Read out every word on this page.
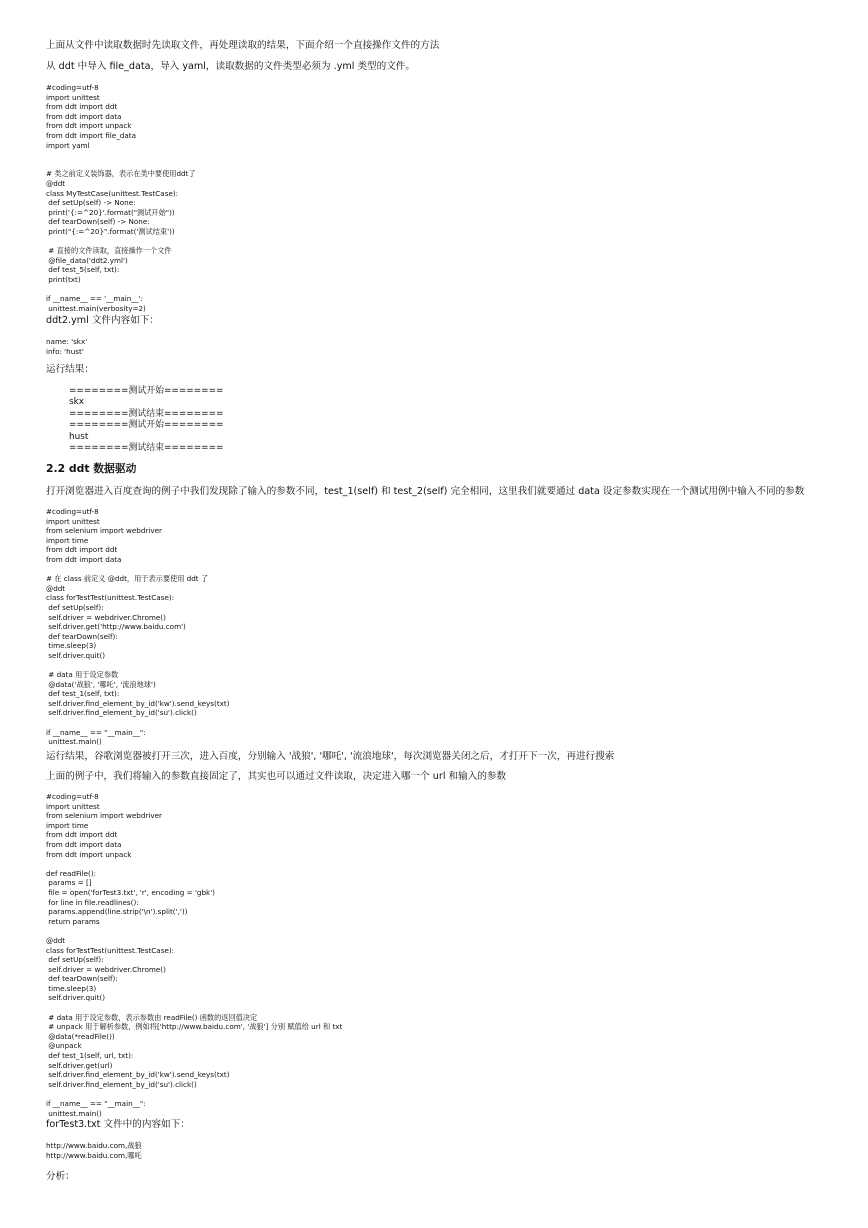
上面从文件中读取数据时先读取文件，再处理读取的结果，下面介绍一个直接操作文件的方法
从 ddt 中导入 file_data，导入 yaml，读取数据的文件类型必须为 .yml 类型的文件。
#coding=utf-8
import unittest
from ddt import ddt
from ddt import data
from ddt import unpack
from ddt import file_data
import yaml

# 类之前定义装饰器，表示在类中要使用ddt了
@ddt
class MyTestCase(unittest.TestCase):
def setUp(self) -> None:
print('{:=^20}'.format("测试开始"))
def tearDown(self) -> None:
print("{:=^20}".format('测试结束'))

# 直接的文件读取，直接操作一个文件
@file_data('ddt2.yml')
def test_5(self, txt):
print(txt)

if __name__ == '__main__':
unittest.main(verbosity=2)
ddt2.yml 文件内容如下：
name: 'skx'
info: 'hust'
运行结果：
========测试开始========
skx
========测试结束========
========测试开始========
hust
========测试结束========
2.2 ddt 数据驱动
打开浏览器进入百度查询的例子中我们发现除了输入的参数不同，test_1(self) 和 test_2(self) 完全相同，这里我们就要通过 data 设定参数实现在一个测试用例中输入不同的参数
#coding=utf-8
import unittest
from selenium import webdriver
import time
from ddt import ddt
from ddt import data

# 在 class 前定义 @ddt，用于表示要使用 ddt 了
@ddt
class forTestTest(unittest.TestCase):
def setUp(self):
self.driver = webdriver.Chrome()
self.driver.get('http://www.baidu.com')
def tearDown(self):
time.sleep(3)
self.driver.quit()

# data 用于设定参数
@data('战狼', '哪吒', '流浪地球')
def test_1(self, txt):
self.driver.find_element_by_id('kw').send_keys(txt)
self.driver.find_element_by_id('su').click()

if __name__ == "__main__":
unittest.main()
运行结果，谷歌浏览器被打开三次，进入百度，分别输入 '战狼', '哪吒', '流浪地球'，每次浏览器关闭之后，才打开下一次，再进行搜索
上面的例子中，我们将输入的参数直接固定了，其实也可以通过文件读取，决定进入哪一个 url 和输入的参数
#coding=utf-8
import unittest
from selenium import webdriver
import time
from ddt import ddt
from ddt import data
from ddt import unpack

def readFile():
params = []
file = open('forTest3.txt', 'r', encoding = 'gbk')
for line in file.readlines():
params.append(line.strip('\n').split(','))
return params

@ddt
class forTestTest(unittest.TestCase):
def setUp(self):
self.driver = webdriver.Chrome()
def tearDown(self):
time.sleep(3)
self.driver.quit()

# data 用于设定参数，表示参数由 readFile() 函数的返回值决定
# unpack 用于解析参数，例如将['http://www.baidu.com', '战狼'] 分别 赋值给 url 和 txt
@data(*readFile())
@unpack
def test_1(self, url, txt):
self.driver.get(url)
self.driver.find_element_by_id('kw').send_keys(txt)
self.driver.find_element_by_id('su').click()

if __name__ == "__main__":
unittest.main()
forTest3.txt 文件中的内容如下：
http://www.baidu.com,战狼
http://www.baidu.com,哪吒
分析：
